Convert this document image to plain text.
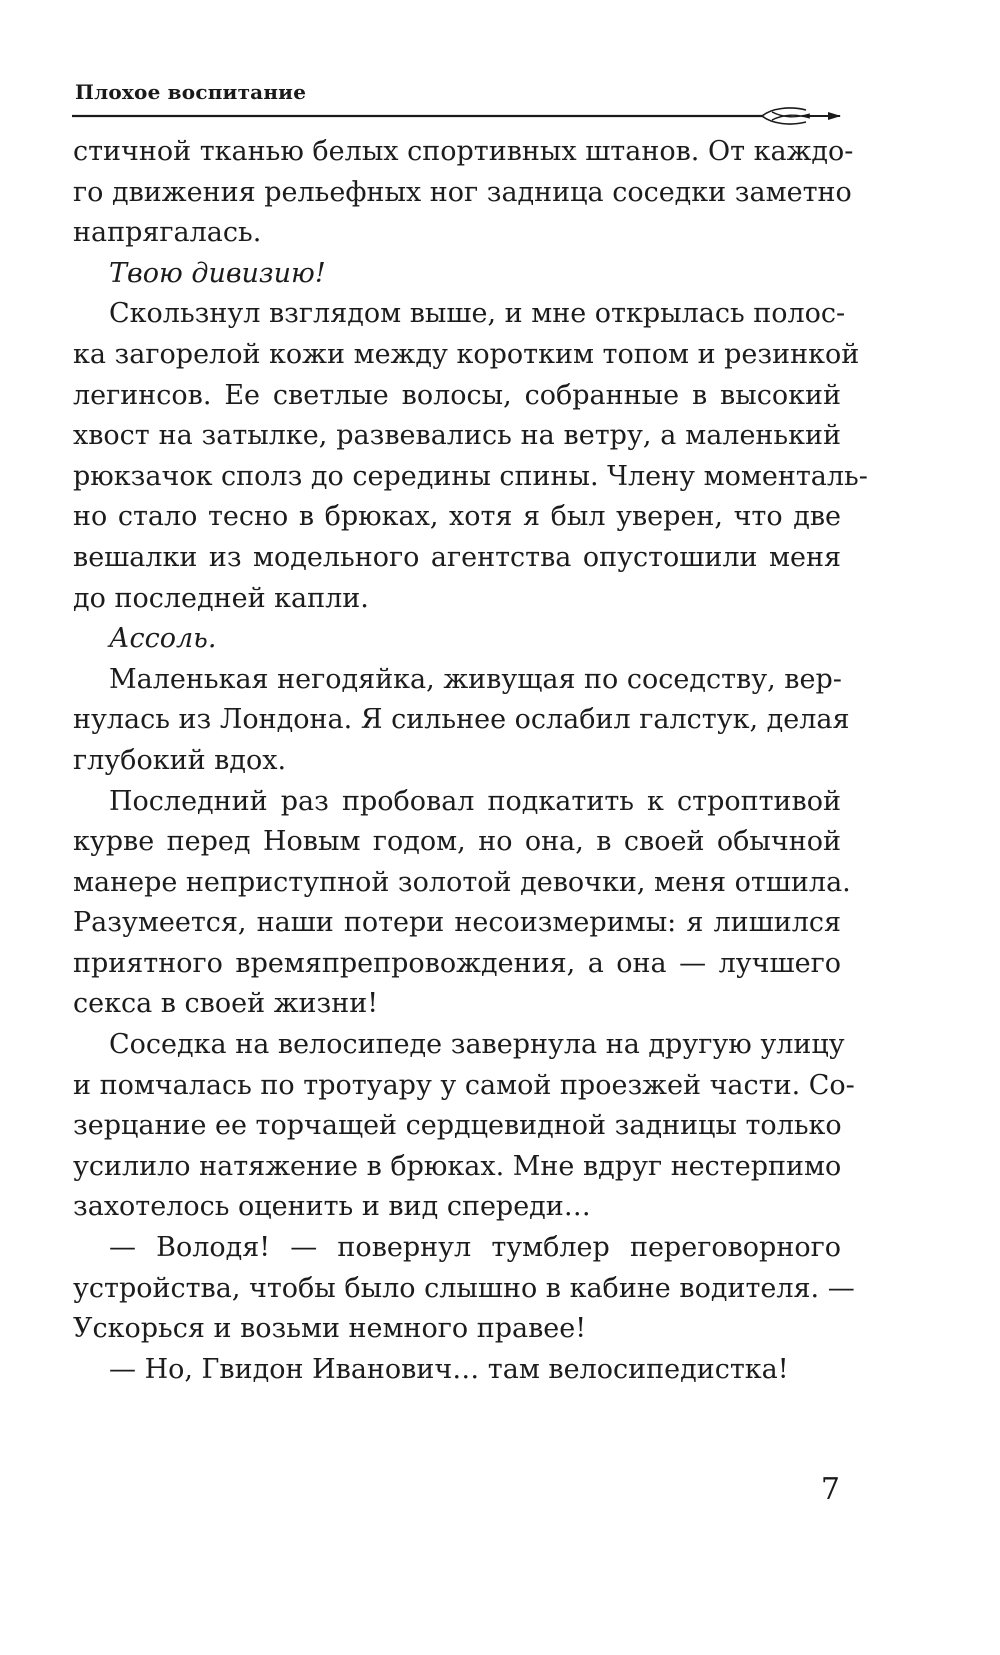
Плохое воспитание
стичной тканью белых спортивных штанов. От каждо-
го движения рельефных ног задница соседки заметно
напрягалась.
Твою дивизию!
Скользнул взглядом выше, и мне открылась полос-
ка загорелой кожи между коротким топом и резинкой
легинсов. Ее светлые волосы, собранные в высокий
хвост на затылке, развевались на ветру, а маленький
рюкзачок сполз до середины спины. Члену моменталь-
но стало тесно в брюках, хотя я был уверен, что две
вешалки из модельного агентства опустошили меня
до последней капли.
Ассоль.
Маленькая негодяйка, живущая по соседству, вер-
нулась из Лондона. Я сильнее ослабил галстук, делая
глубокий вдох.
Последний раз пробовал подкатить к строптивой
курве перед Новым годом, но она, в своей обычной
манере неприступной золотой девочки, меня отшила.
Разумеется, наши потери несоизмеримы: я лишился
приятного времяпрепровождения, а она — лучшего
секса в своей жизни!
Соседка на велосипеде завернула на другую улицу
и помчалась по тротуару у самой проезжей части. Со-
зерцание ее торчащей сердцевидной задницы только
усилило натяжение в брюках. Мне вдруг нестерпимо
захотелось оценить и вид спереди…
— Володя! — повернул тумблер переговорного
устройства, чтобы было слышно в кабине водителя. —
Ускорься и возьми немного правее!
— Но, Гвидон Иванович… там велосипедистка!
7
